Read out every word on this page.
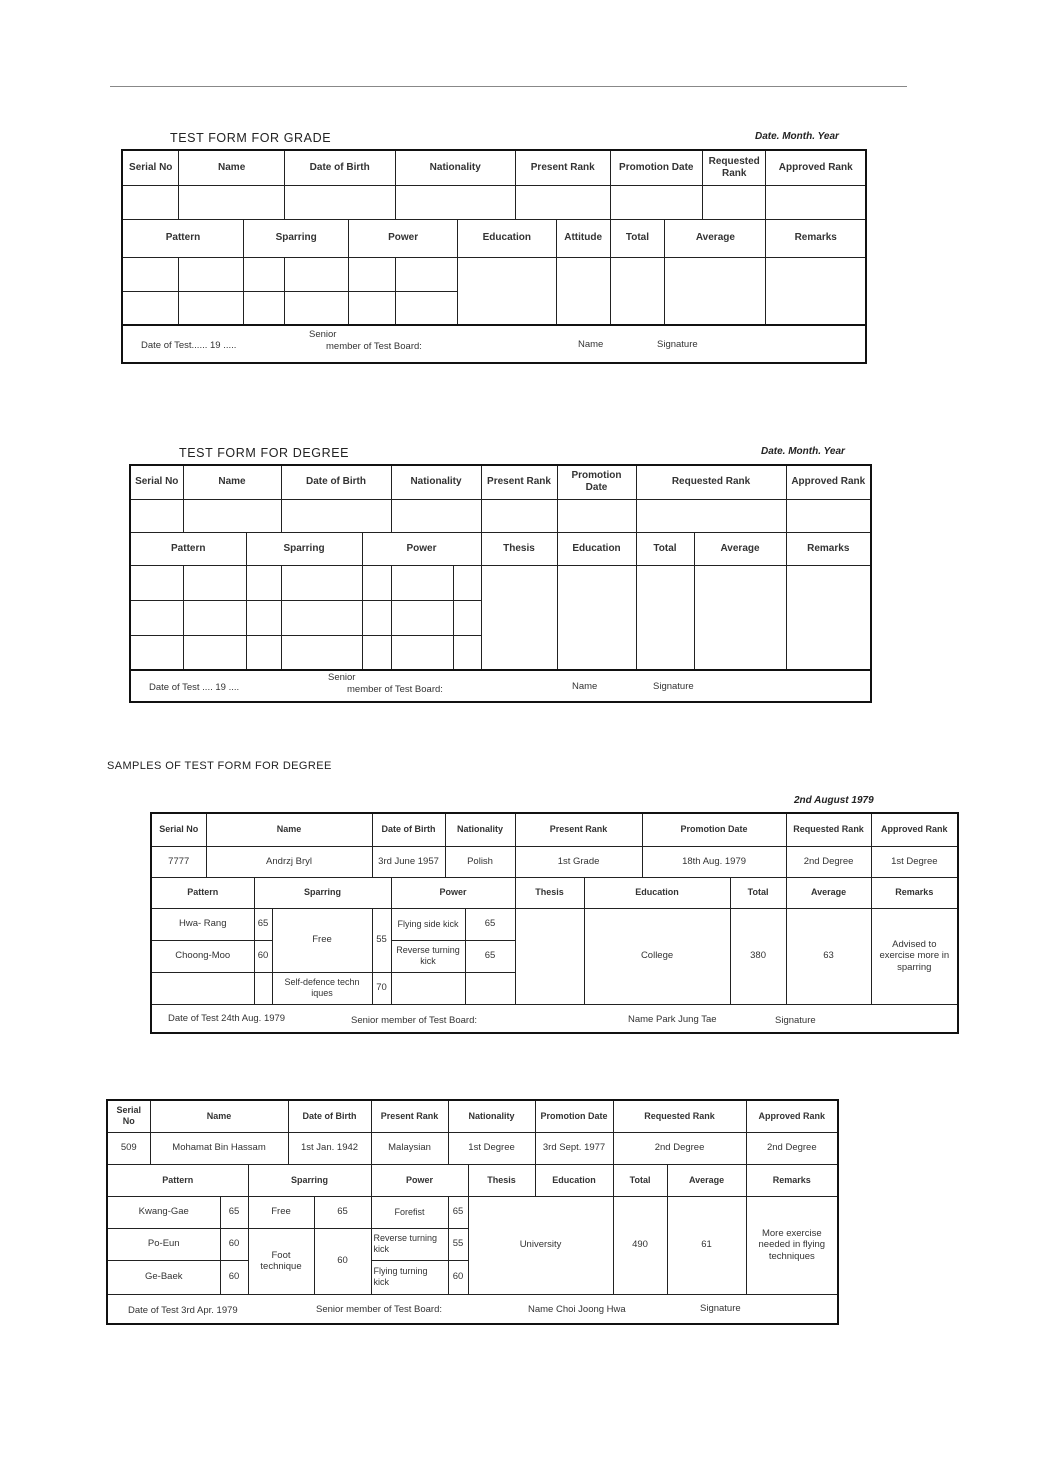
TEST FORM FOR GRADE	Date. Month. Year
Serial No	Name		Date of Birth		Nationality		Present Rank		Promotion Date		Requested Rank	Approved Rank

Pattern		Sparring		Power		Education		Attitude	Total	Average		Remarks

Date of Test...... 19 .....
Senior
member of Test Board: Name Signature												
TEST FORM FOR DEGREE	Date. Month. Year
Serial No	Name		Date of Birth		Nationality		Present Rank	Promotion Date	Requested Rank		Approved Rank

Pattern		Sparring		Power			Thesis	Education	Total	Average	Remarks

Date of Test .... 19 ....
Senior
member of Test Board: Name Signature											
SAMPLES OF TEST FORM FOR DEGREE
2nd August 1979
Serial No	Name			Date of Birth		Nationality		Present Rank		Promotion Date		Requested Rank	Approved Rank
7777	Andrzj Bryl			3rd June 1957		Polish		1st Grade		18th Aug. 1979		2nd Degree	1st Degree
Pattern		Sparring			Power			Thesis	Education		Total	Average	Remarks
Hwa- Rang		65	Free	55	Flying side kick		65		College		380	63	Advised to exercise more in sparring
Choong-Moo		60			Reverse turning kick		65						
			Self-defence techn iques	70									

Date of Test 24th Aug. 1979 Senior member of Test Board: Name Park Jung Tae Signature													
Serial No	Name			Date of Birth		Present Rank	Nationality		Promotion Date	Requested Rank		Approved Rank
509	Mohamat Bin Hassam			1st Jan. 1942		Malaysian	1st Degree		3rd Sept. 1977	2nd Degree		2nd Degree
Pattern			Sparring			Power		Thesis	Education	Total	Average	Remarks
Kwang-Gae		65	Free		65	Forefist	65	University		490	61	More exercise needed in flying techniques
Po-Eun		60	Foot technique		60	Reverse turning kick	55					
Ge-Baek		60				Flying turning kick	60					

Date of Test 3rd Apr. 1979 Senior member of Test Board: Name Choi Joong Hwa Signature												
